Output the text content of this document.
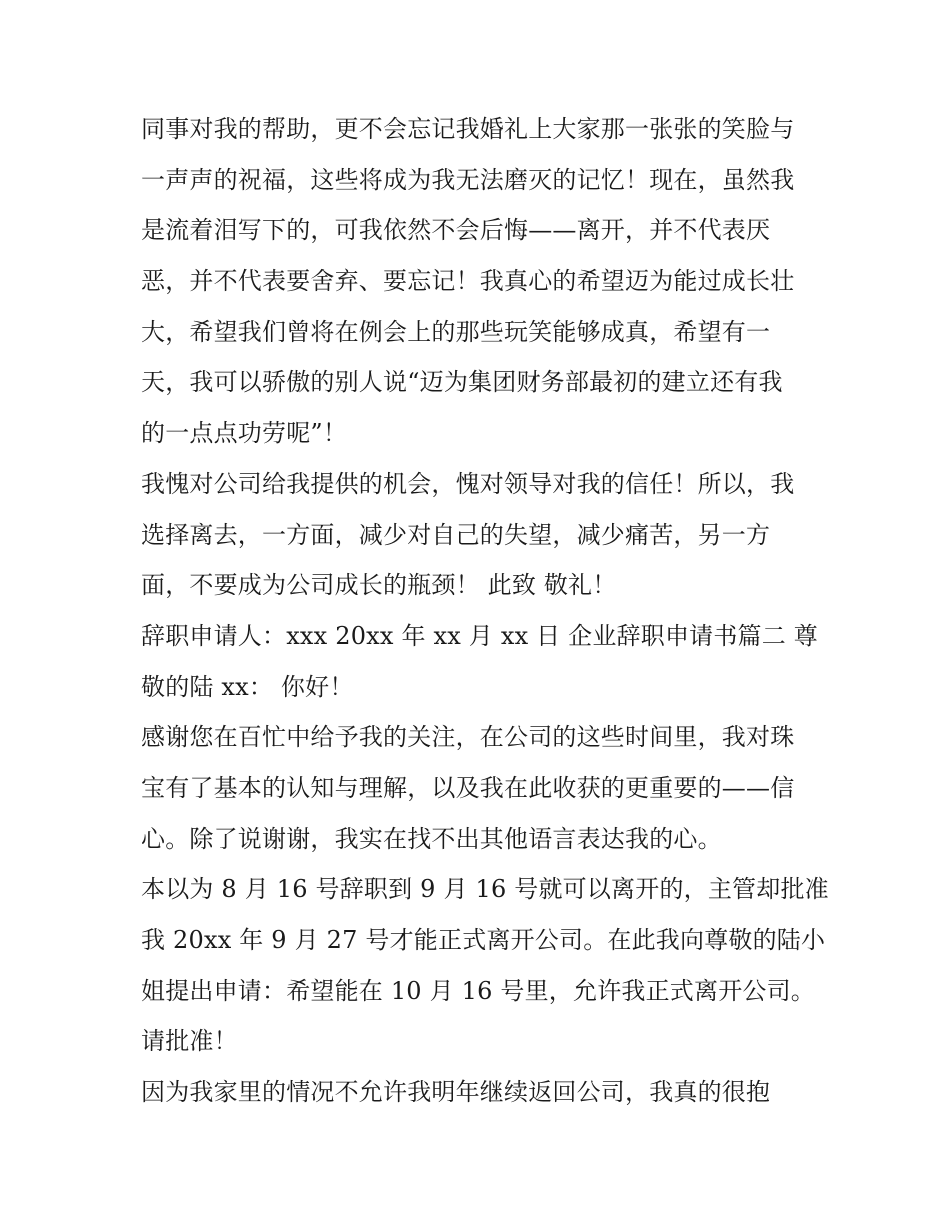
同事对我的帮助，更不会忘记我婚礼上大家那一张张的笑脸与
一声声的祝福，这些将成为我无法磨灭的记忆！现在，虽然我
是流着泪写下的，可我依然不会后悔——离开，并不代表厌
恶，并不代表要舍弃、要忘记！我真心的希望迈为能过成长壮
大，希望我们曾将在例会上的那些玩笑能够成真，希望有一
天，我可以骄傲的别人说“迈为集团财务部最初的建立还有我
的一点点功劳呢”！
我愧对公司给我提供的机会，愧对领导对我的信任！所以，我
选择离去，一方面，减少对自己的失望，减少痛苦，另一方
面，不要成为公司成长的瓶颈！ 此致 敬礼！
辞职申请人：xxx 20xx 年 xx 月 xx 日 企业辞职申请书篇二 尊
敬的陆 xx： 你好！
感谢您在百忙中给予我的关注，在公司的这些时间里，我对珠
宝有了基本的认知与理解，以及我在此收获的更重要的——信
心。除了说谢谢，我实在找不出其他语言表达我的心。
本以为 8 月 16 号辞职到 9 月 16 号就可以离开的，主管却批准
我 20xx 年 9 月 27 号才能正式离开公司。在此我向尊敬的陆小
姐提出申请：希望能在 10 月 16 号里，允许我正式离开公司。
请批准！
因为我家里的情况不允许我明年继续返回公司，我真的很抱
